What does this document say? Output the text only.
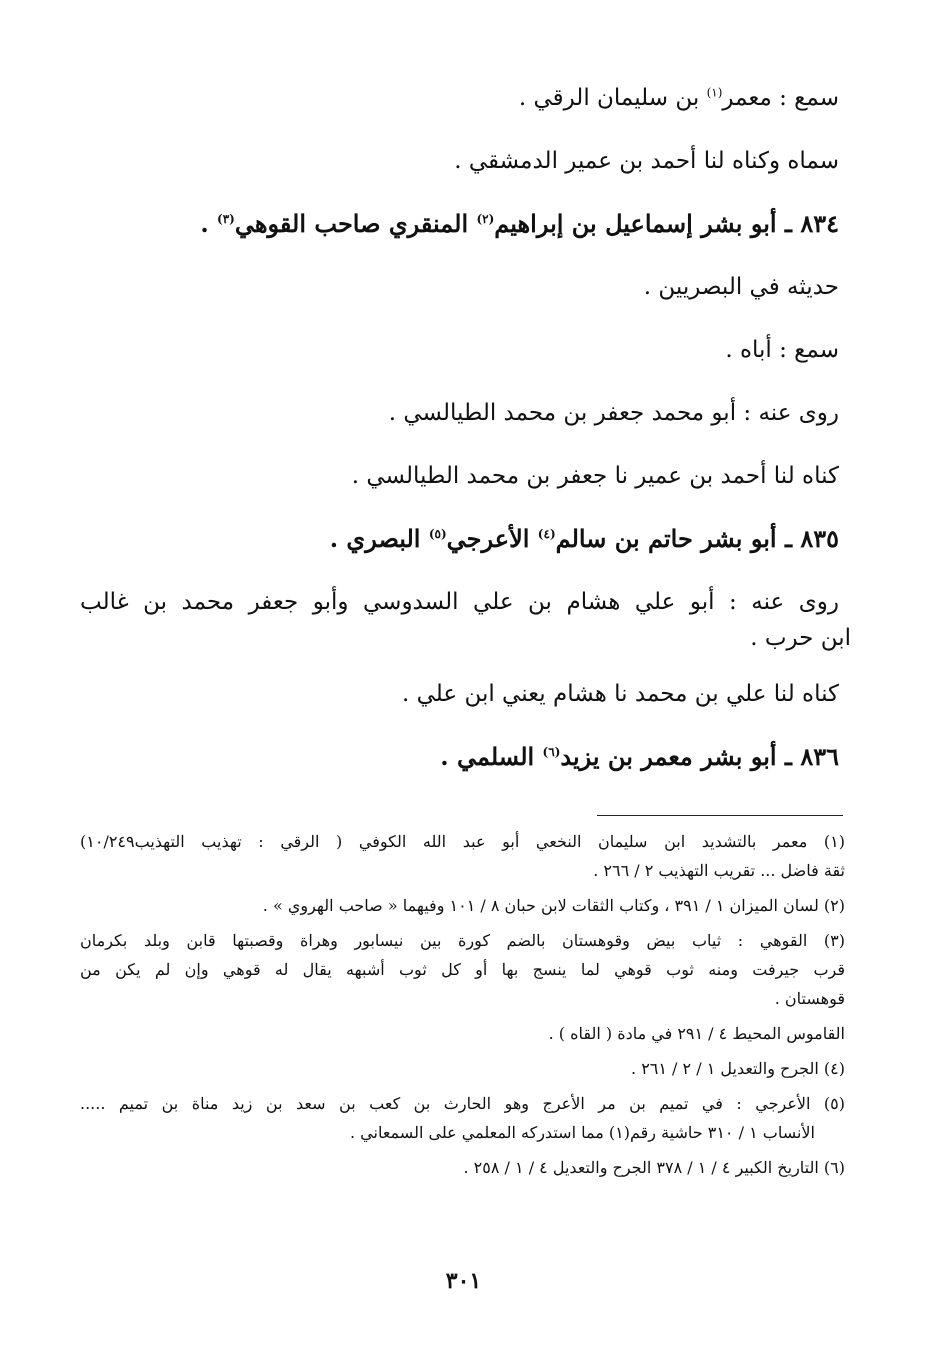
سمع : معمر$^{(١)}$ بن سليمان الرقي .

سماه وكناه لنا أحمد بن عمير الدمشقي .

٨٣٤ ـ أبو بشر إسماعيل بن إبراهيم$^{(٢)}$ المنقري صاحب القوهي$^{(٣)}$ .

حديثه في البصريين .

سمع : أباه .

روى عنه : أبو محمد جعفر بن محمد الطيالسي .

كناه لنا أحمد بن عمير نا جعفر بن محمد الطيالسي .

٨٣٥ ـ أبو بشر حاتم بن سالم$^{(٤)}$ الأعرجي$^{(٥)}$ البصري .

روى عنه : أبو علي هشام بن علي السدوسي وأبو جعفر محمد بن غالب

ابن حرب .

كناه لنا علي بن محمد نا هشام يعني ابن علي .

٨٣٦ ـ أبو بشر معمر بن يزيد$^{(٦)}$ السلمي .

(١) معمر بالتشديد ابن سليمان النخعي أبو عبد الله الكوفي ( الرقي : تهذيب التهذيب١٠/٢٤٩)
ثقة فاضل ... تقريب التهذيب ٢ / ٢٦٦ .
(٢) لسان الميزان ١ / ٣٩١ ، وكتاب الثقات لابن حبان ٨ / ١٠١ وفيهما « صاحب الهروي » .
(٣) القوهي : ثياب بيض وقوهستان بالضم كورة بين نيسابور وهراة وقصبتها قابن وبلد بكرمان
قرب جيرفت ومنه ثوب قوهي لما ينسج بها أو كل ثوب أشبهه يقال له قوهي وإن لم يكن من
قوهستان .
القاموس المحيط ٤ / ٢٩١ في مادة ( القاه ) .
(٤) الجرح والتعديل ١ / ٢ / ٢٦١ .
(٥) الأعرجي : في تميم بن مر الأعرج وهو الحارث بن كعب بن سعد بن زيد مناة بن تميم .....
الأنساب ١ / ٣١٠ حاشية رقم(١) مما استدركه المعلمي على السمعاني .
(٦) التاريخ الكبير ٤ / ١ / ٣٧٨ الجرح والتعديل ٤ / ١ / ٢٥٨ .
٣٠١
